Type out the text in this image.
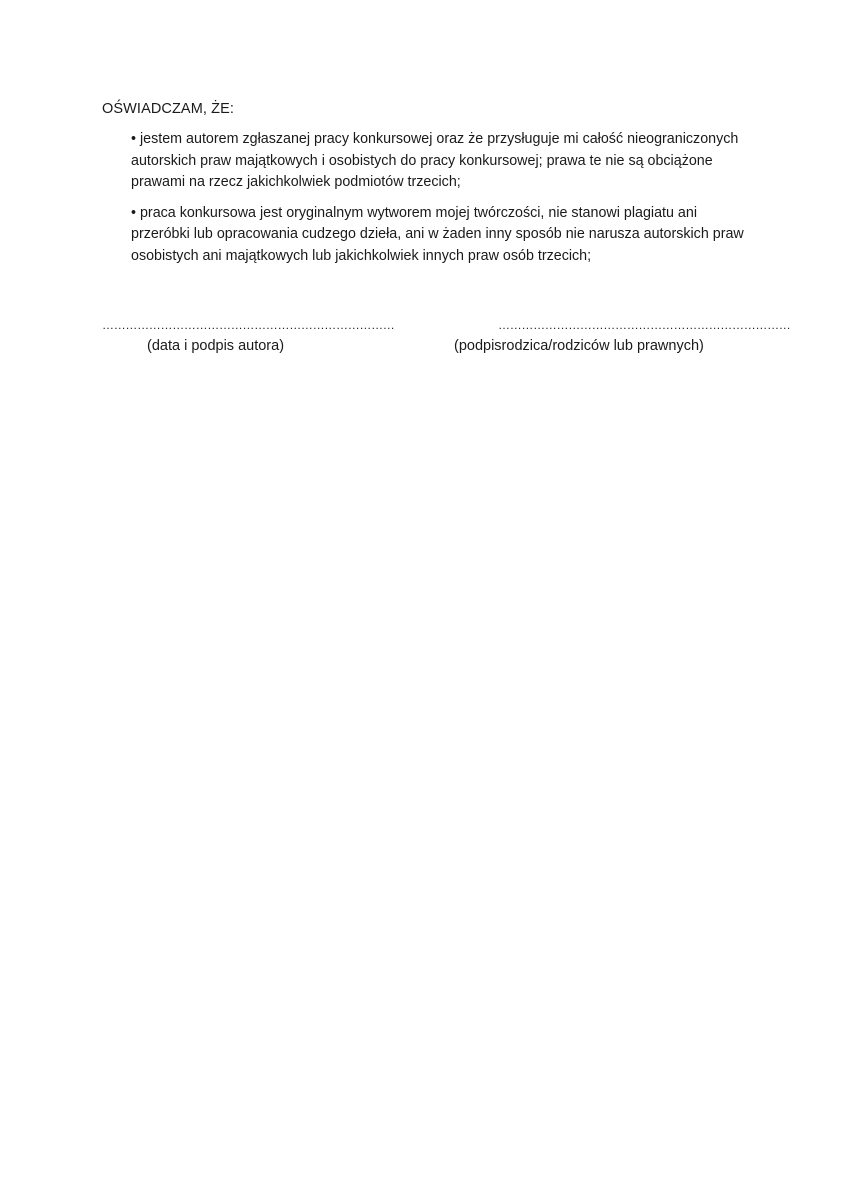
OŚWIADCZAM, ŻE:
• jestem autorem zgłaszanej pracy konkursowej oraz że przysługuje mi całość nieograniczonych
autorskich praw majątkowych i osobistych do pracy konkursowej; prawa te nie są obciążone
prawami na rzecz jakichkolwiek podmiotów trzecich;
• praca konkursowa jest oryginalnym wytworem mojej twórczości, nie stanowi plagiatu ani
przeróbki lub opracowania cudzego dzieła, ani w żaden inny sposób nie narusza autorskich praw
osobistych ani majątkowych lub jakichkolwiek innych praw osób trzecich;
…………………………………………………………………
(data i podpis autora)
…………………………………………………………………
(podpisrodzica/rodziców lub prawnych)
